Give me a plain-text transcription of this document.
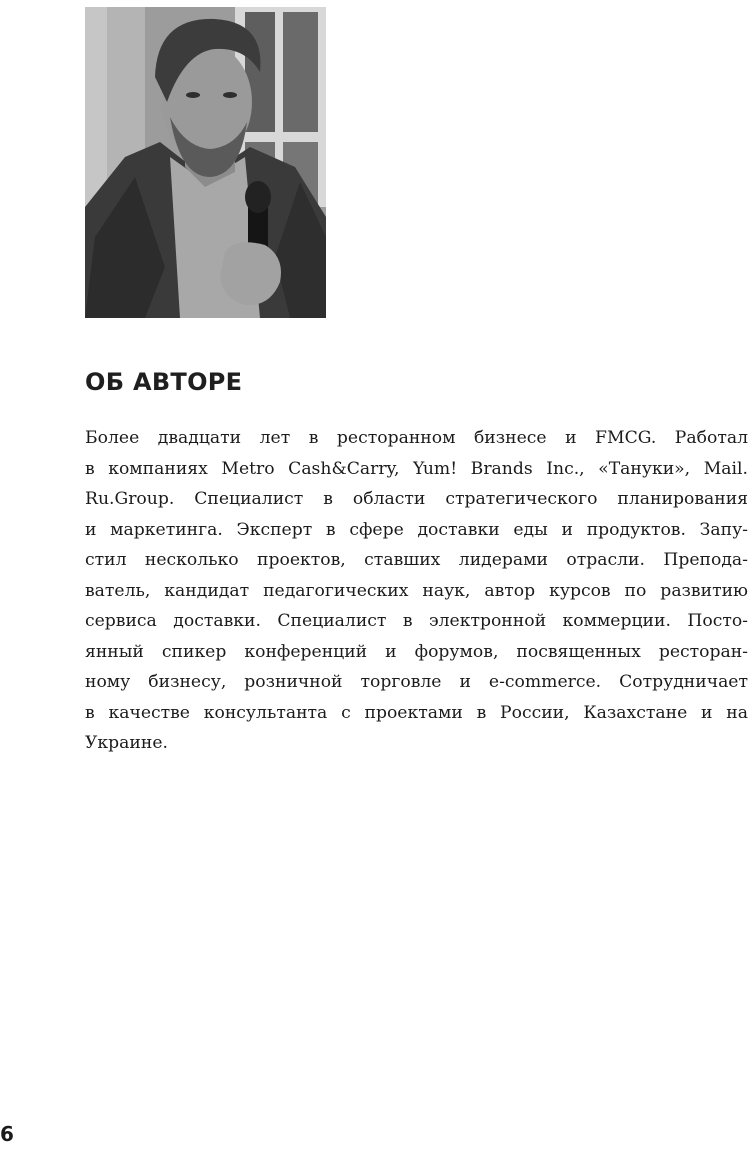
ОБ АВТОРЕ
Более двадцати лет в ресторанном бизнесе и FMCG. Работал
в компаниях Metro Cash&Carry, Yum! Brands Inc., «Тануки», Mail.
Ru.Group. Специалист в области стратегического планирования
и маркетинга. Эксперт в сфере доставки еды и продуктов. Запу-
стил несколько проектов, ставших лидерами отрасли. Препода-
ватель, кандидат педагогических наук, автор курсов по развитию
сервиса доставки. Специалист в электронной коммерции. Посто-
янный спикер конференций и форумов, посвященных ресторан-
ному бизнесу, розничной торговле и e-commerce. Сотрудничает
в качестве консультанта с проектами в России, Казахстане и на
Украине.
6
